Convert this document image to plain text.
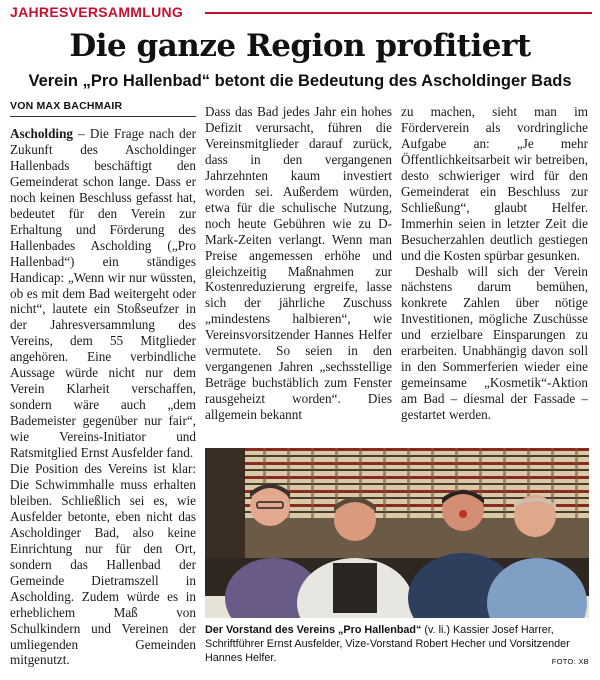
JAHRESVERSAMMLUNG
Die ganze Region profitiert
Verein „Pro Hallenbad“ betont die Bedeutung des Ascholdinger Bads
VON MAX BACHMAIR

Ascholding – Die Frage nach der Zukunft des Ascholdinger Hallenbads beschäftigt den Gemeinderat schon lange. Dass er noch keinen Beschluss gefasst hat, bedeutet für den Verein zur Erhaltung und Förderung des Hallenbades Ascholding („Pro Hallenbad“) ein ständiges Handicap: „Wenn wir nur wüssten, ob es mit dem Bad weitergeht oder nicht“, lautete ein Stoßseufzer in der Jahresversammlung des Vereins, dem 55 Mitglieder angehören. Eine verbindliche Aussage würde nicht nur dem Verein Klarheit verschaffen, sondern wäre auch „dem Bademeister gegenüber nur fair“, wie Vereins-Initiator und Ratsmitglied Ernst Ausfelder fand.

Die Position des Vereins ist klar: Die Schwimmhalle muss erhalten bleiben. Schließlich sei es, wie Ausfelder betonte, eben nicht das Ascholdinger Bad, also keine Einrichtung nur für den Ort, sondern das Hallenbad der Gemeinde Dietramszell in Ascholding. Zudem würde es in erheblichem Maß von Schulkindern und Vereinen der umliegenden Gemeinden mitgenutzt.

Dass das Bad jedes Jahr ein hohes Defizit verursacht, führen die Vereinsmitglieder darauf zurück, dass in den vergangenen Jahrzehnten kaum investiert worden sei. Außerdem würden, etwa für die schulische Nutzung, noch heute Gebühren wie zu D-Mark-Zeiten verlangt. Wenn man Preise angemessen erhöhe und gleichzeitig Maßnahmen zur Kostenreduzierung ergreife, lasse sich der jährliche Zuschuss „mindestens halbieren“, wie Vereinsvorsitzender Hannes Helfer vermutete. So seien in den vergangenen Jahren „sechsstellige Beträge buchstäblich zum Fenster rausgeheizt worden“. Dies allgemein bekannt

zu machen, sieht man im Förderverein als vordringliche Aufgabe an: „Je mehr Öffentlichkeitsarbeit wir betreiben, desto schwieriger wird für den Gemeinderat ein Beschluss zur Schließung“, glaubt Helfer. Immerhin seien in letzter Zeit die Besucherzahlen deutlich gestiegen und die Kosten spürbar gesunken.

Deshalb will sich der Verein nächstens darum bemühen, konkrete Zahlen über nötige Investitionen, mögliche Zuschüsse und erzielbare Einsparungen zu erarbeiten. Unabhängig davon soll in den Sommerferien wieder eine gemeinsame „Kosmetik“-Aktion am Bad – diesmal der Fassade – gestartet werden.

Der Vorstand des Vereins „Pro Hallenbad“ (v. li.) Kassier Josef Harrer, Schriftführer Ernst Ausfelder, Vize-Vorstand Robert Hecher und Vorsitzender Hannes Helfer.	FOTO: XB
